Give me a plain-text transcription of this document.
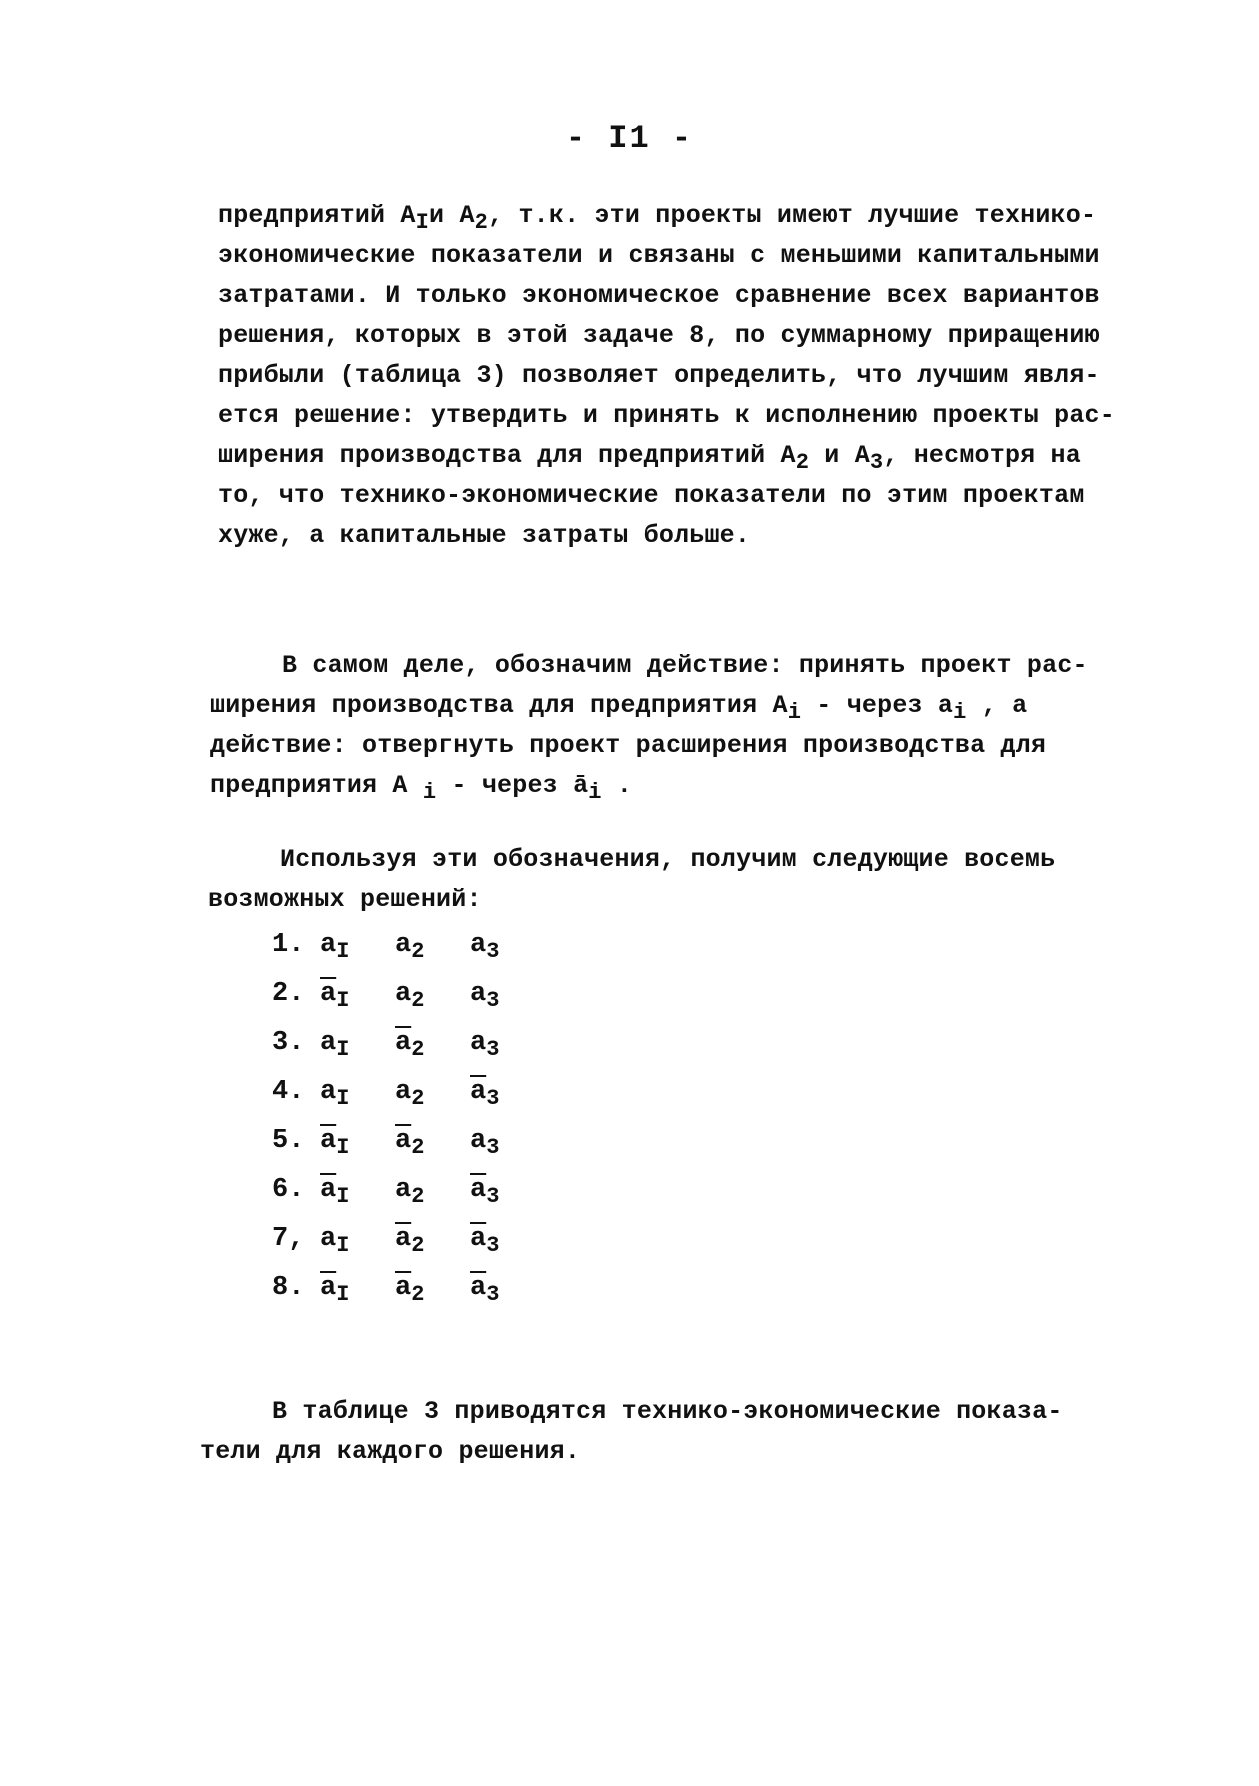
- I1 -
предприятий $A_Iи$ $A_2$, т.к. эти проекты имеют лучшие технико-
экономические показатели и связаны с меньшими капитальными
затратами. И только экономическое сравнение всех вариантов
решения, которых в этой задаче 8, по суммарному приращению
прибыли (таблица 3) позволяет определить, что лучшим явля-
ется решение: утвердить и принять к исполнению проекты рас-
ширения производства для предприятий $A_2$ и $A_3$, несмотря на
то, что технико-экономические показатели по этим проектам
хуже, а капитальные затраты больше.
В самом деле, обозначим действие: принять проект рас-
ширения производства для предприятия $A_i$ - через $a_i$ , а
действие: отвергнуть проект расширения производства для
предприятия A $_i$ - через $ā_i$ .
Используя эти обозначения, получим следующие восемь
возможных решений:
1. $a_I$	$a_2$	$a_3$
2. $\overline{a}_I$	$a_2$	$a_3$
3. $a_I$	$\overline{a}_2$	$a_3$
4. $a_I$	$a_2$	$\overline{a}_3$
5. $\overline{a}_I$	$\overline{a}_2$	$a_3$
6. $\overline{a}_I$	$a_2$	$\overline{a}_3$
7, $a_I$	$\overline{a}_2$	$\overline{a}_3$
8. $\overline{a}_I$	$\overline{a}_2$	$\overline{a}_3$
В таблице 3 приводятся технико-экономические показа-
тели для каждого решения.
